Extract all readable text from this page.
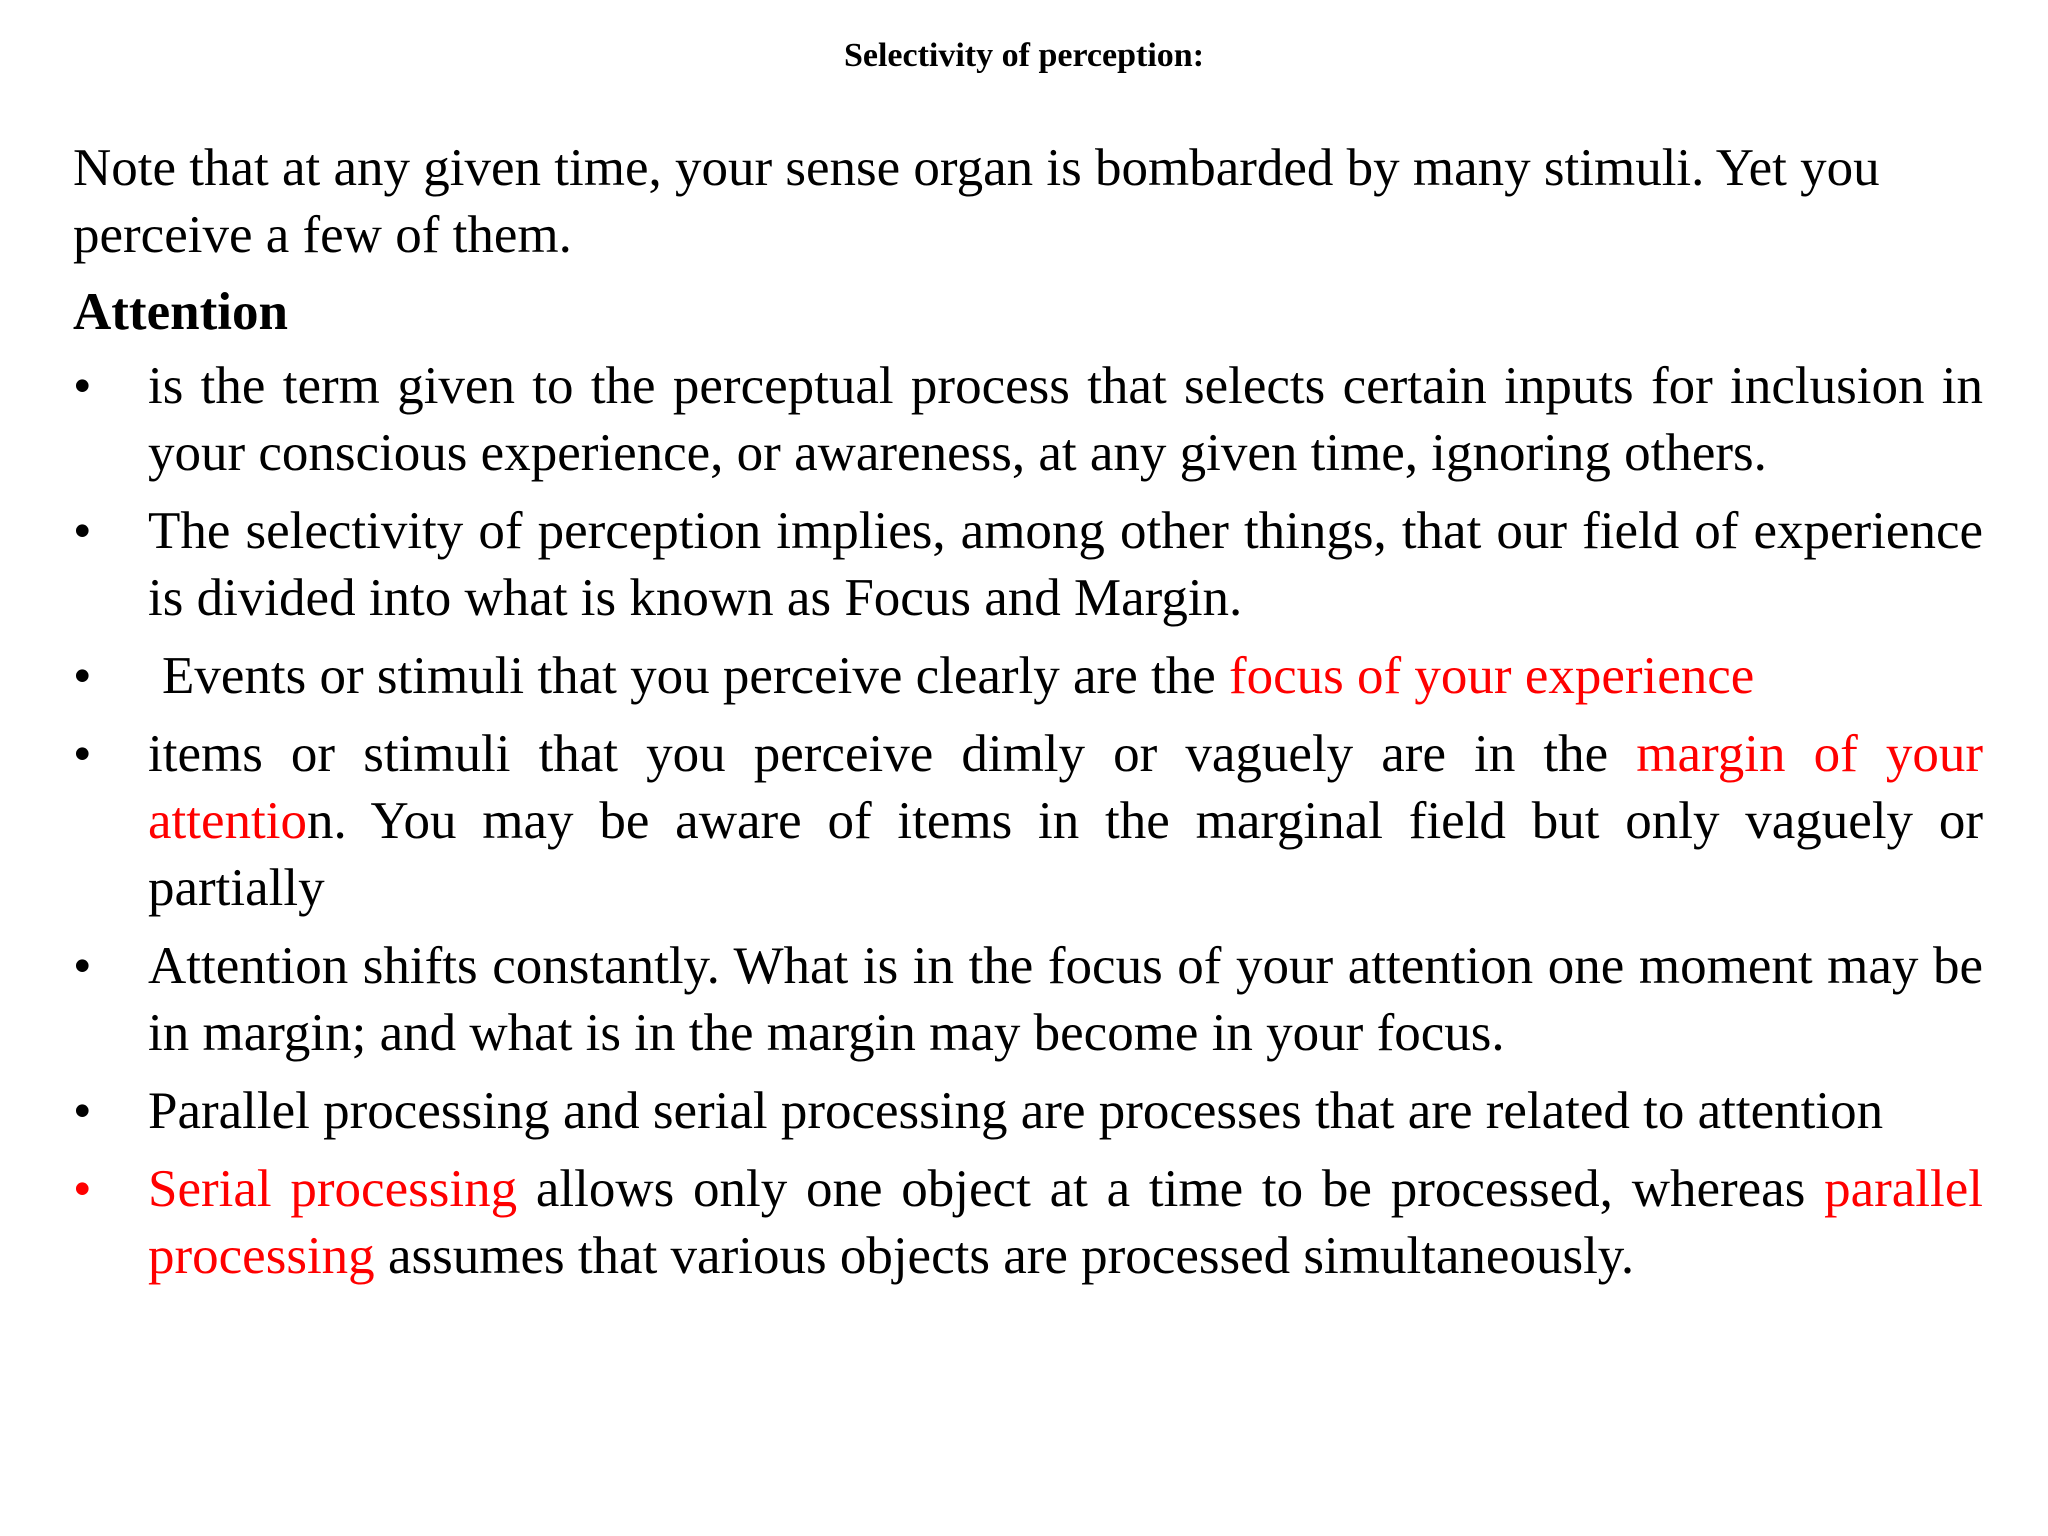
Selectivity of perception:

Note that at any given time, your sense organ is bombarded by many stimuli. Yet you perceive a few of them.

Attention
• is the term given to the perceptual process that selects certain inputs for inclusion in your conscious experience, or awareness, at any given time, ignoring others.
• The selectivity of perception implies, among other things, that our field of experience is divided into what is known as Focus and Margin.
• Events or stimuli that you perceive clearly are the focus of your experience
• items or stimuli that you perceive dimly or vaguely are in the margin of your attention. You may be aware of items in the marginal field but only vaguely or partially
• Attention shifts constantly. What is in the focus of your attention one moment may be in margin; and what is in the margin may become in your focus.
• Parallel processing and serial processing are processes that are related to attention
• Serial processing allows only one object at a time to be processed, whereas parallel processing assumes that various objects are processed simultaneously.
